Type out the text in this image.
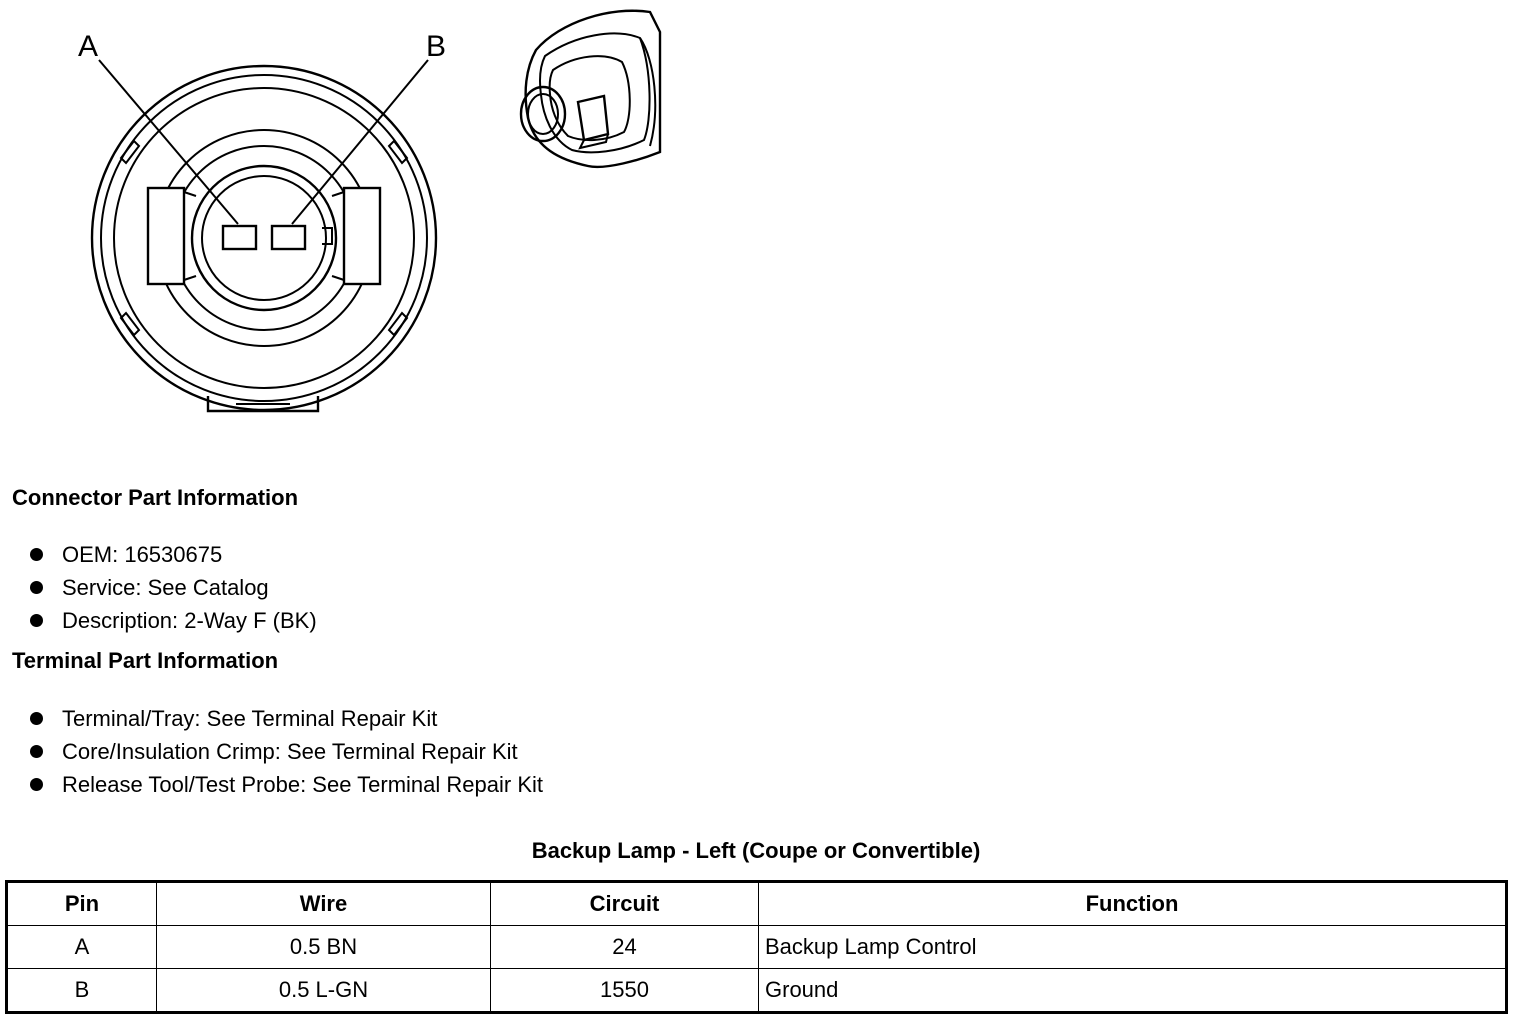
A	B
Connector Part Information
OEM: 16530675
Service: See Catalog
Description: 2-Way F (BK)
Terminal Part Information
Terminal/Tray: See Terminal Repair Kit
Core/Insulation Crimp: See Terminal Repair Kit
Release Tool/Test Probe: See Terminal Repair Kit
Backup Lamp - Left (Coupe or Convertible)
Pin	Wire	Circuit	Function
A	0.5 BN	24	Backup Lamp Control
B	0.5 L-GN	1550	Ground
